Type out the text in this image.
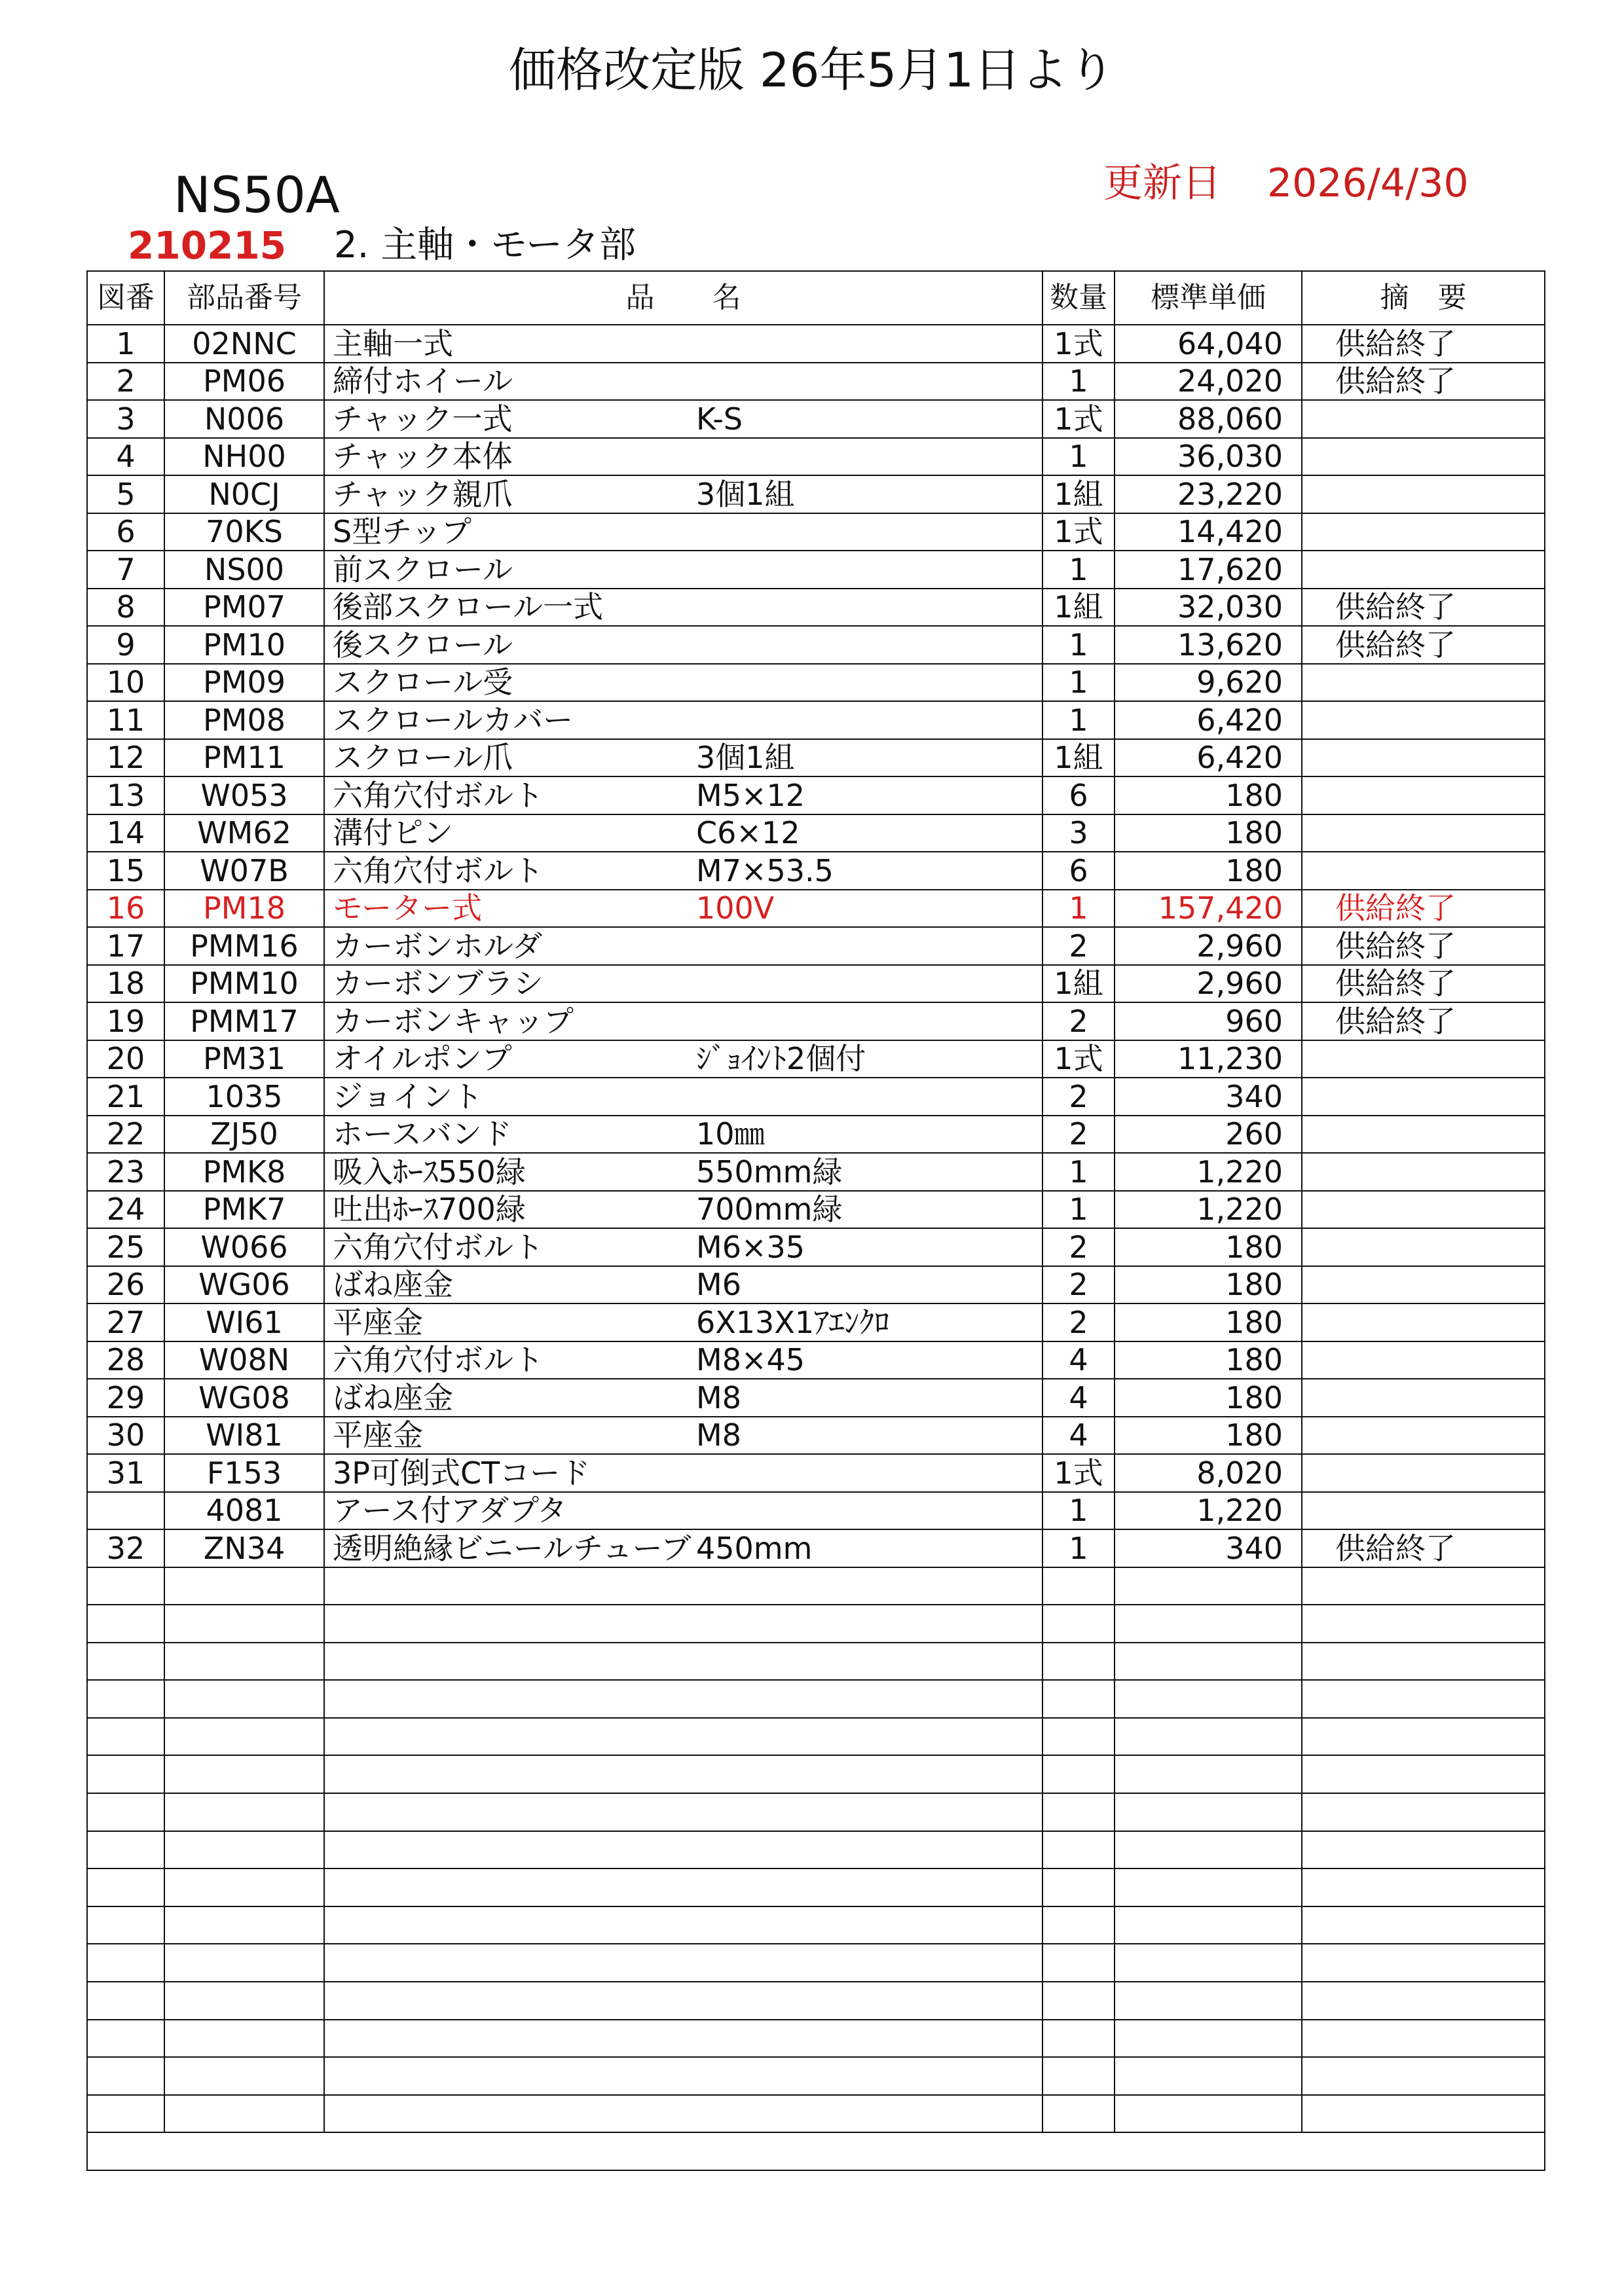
価格改定版 26年5月1日より
NS50A	更新日 2026/4/30
210215 2. 主軸・モータ部
図番	部品番号	品　　名	数量	標準単価	摘　要
1	02NNC	主軸一式	1式	64,040	供給終了
2	PM06	締付ホイール	1	24,020	供給終了
3	N006	チャック一式 K-S	1式	88,060	
4	NH00	チャック本体	1	36,030	
5	N0CJ	チャック親爪 3個1組	1組	23,220	
6	70KS	S型チップ	1式	14,420	
7	NS00	前スクロール	1	17,620	
8	PM07	後部スクロール一式	1組	32,030	供給終了
9	PM10	後スクロール	1	13,620	供給終了
10	PM09	スクロール受	1	9,620	
11	PM08	スクロールカバー	1	6,420	
12	PM11	スクロール爪 3個1組	1組	6,420	
13	W053	六角穴付ボルト M5×12	6	180	
14	WM62	溝付ピン C6×12	3	180	
15	W07B	六角穴付ボルト M7×53.5	6	180	
16	PM18	モーター式 100V	1	157,420	供給終了
17	PMM16	カーボンホルダ	2	2,960	供給終了
18	PMM10	カーボンブラシ	1組	2,960	供給終了
19	PMM17	カーボンキャップ	2	960	供給終了
20	PM31	オイルポンプ ｼﾞｮｲﾝﾄ2個付	1式	11,230	
21	1035	ジョイント	2	340	
22	ZJ50	ホースバンド 10㎜	2	260	
23	PMK8	吸入ﾎｰｽ550緑 550mm緑	1	1,220	
24	PMK7	吐出ﾎｰｽ700緑 700mm緑	1	1,220	
25	W066	六角穴付ボルト M6×35	2	180	
26	WG06	ばね座金 M6	2	180	
27	WI61	平座金 6X13X1ｱｴﾝｸﾛ	2	180	
28	W08N	六角穴付ボルト M8×45	4	180	
29	WG08	ばね座金 M8	4	180	
30	WI81	平座金 M8	4	180	
31	F153	3P可倒式CTコード	1式	8,020	
	4081	アース付アダプタ	1	1,220	
32	ZN34	透明絶縁ビニールチューブ 450mm	1	340	供給終了
